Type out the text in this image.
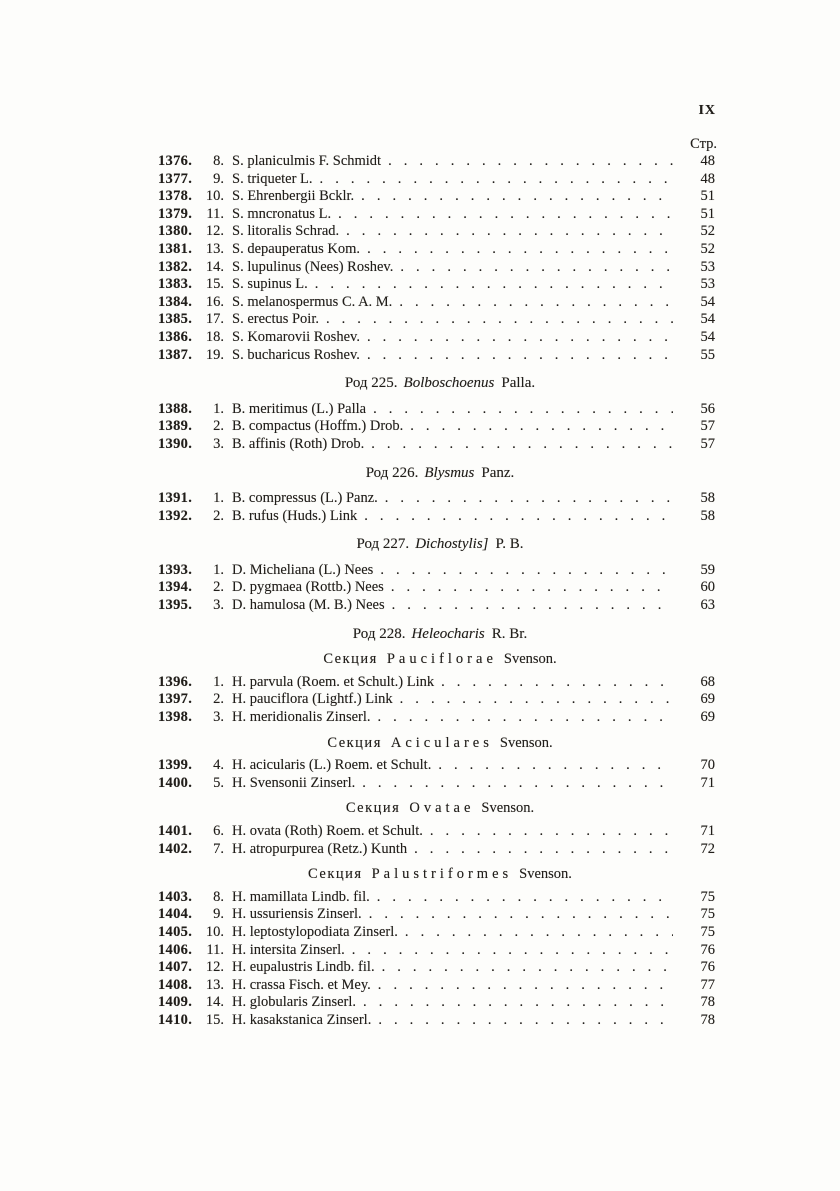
IX
Стр.
1376.	8. S. planiculmis F. Schmidt . . .	48
1377.	9. S. triqueter L. . . .	48
1378. 10. S. Ehrenbergii Bcklr. . . .	51
1379. 11. S. mncronatus L. . . .	51
1380. 12. S. litoralis Schrad. . . .	52
1381. 13. S. depauperatus Kom. . . .	52
1382. 14. S. lupulinus (Nees) Roshev. . . .	53
1383. 15. S. supinus L. . . .	53
1384. 16. S. melanospermus C. A. M. . . .	54
1385. 17. S. erectus Poir. . . .	54
1386. 18. S. Komarovii Roshev. . . .	54
1387. 19. S. bucharicus Roshev. . . .	55
Род 225. Bolboschoenus Palla.
1388.	1. B. meritimus (L.) Palla . . .	56
1389.	2. B. compactus (Hoffm.) Drob. . . .	57
1390.	3. B. affinis (Roth) Drob. . . .	57
Род 226. Blysmus Panz.
1391.	1. B. compressus (L.) Panz. . . .	58
1392.	2. B. rufus (Huds.) Link . . .	58
Род 227. Dichostylis] P. B.
1393.	1. D. Micheliana (L.) Nees . . .	59
1394.	2. D. pygmaea (Rottb.) Nees . . .	60
1395.	3. D. hamulosa (M. B.) Nees . . .	63
Род 228. Heleocharis R. Br.
Секция Pauciflorae Svenson.
1396.	1. H. parvula (Roem. et Schult.) Link . . .	68
1397.	2. H. pauciflora (Lightf.) Link . . .	69
1398.	3. H. meridionalis Zinserl. . . .	69
Секция Aciculares Svenson.
1399.	4. H. acicularis (L.) Roem. et Schult. . . .	70
1400.	5. H. Svensonii Zinserl. . . .	71
Секция Ovatae Svenson.
1401.	6. H. ovata (Roth) Roem. et Schult. . . .	71
1402.	7. H. atropurpurea (Retz.) Kunth . . .	72
Секция Palustriformes Svenson.
1403.	8. H. mamillata Lindb. fil. . . .	75
1404.	9. H. ussuriensis Zinserl. . . .	75
1405. 10. H. leptostylopodiata Zinserl. . . .	75
1406. 11. H. intersita Zinserl. . . .	76
1407. 12. H. eupalustris Lindb. fil. . . .	76
1408. 13. H. crassa Fisch. et Mey. . . .	77
1409. 14. H. globularis Zinserl. . . .	78
1410. 15. H. kasakstanica Zinserl. . . .	78
